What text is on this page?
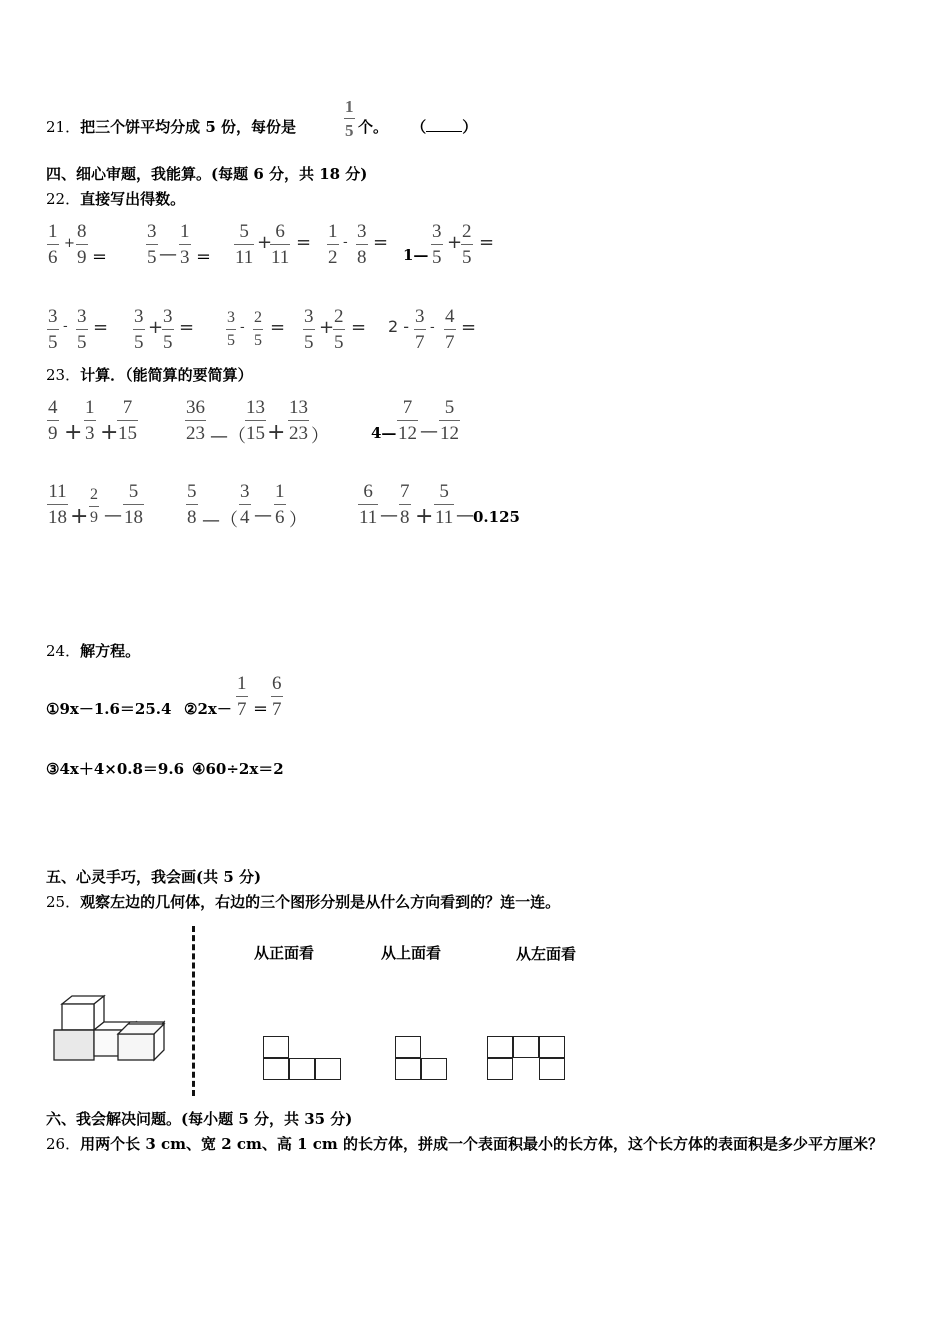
21．把三个饼平均分成 5 份，每份是	$\frac{1}{5}$ 个。 （ ）
四、细心审题，我能算。(每题 6 分，共 18 分)
22．直接写出得数。
$\frac{1}{6} + \frac{8}{9} = \frac{3}{5}$ — $\frac{1}{3} = \frac{5}{11}$ +
$\frac{6}{11} = \frac{1}{2} - \frac{3}{8}$ =
1— $\frac{3}{5}$ +
$\frac{2}{5}$ =
$\frac{3}{5} - \frac{3}{5} = \frac{3}{5}$ +
$\frac{3}{5} = \frac{3}{5} - \frac{2}{5} = \frac{3}{5}$ +
$\frac{2}{5} = 2 - \frac{3}{7} - \frac{4}{7}$ =
23．计算．（能简算的要简算）
$\frac{4}{9} + \frac{1}{3}$ +
$\frac{7}{15} \frac{36}{23}$ —（ $\frac{13}{15} + \frac{13}{23}$ ）	4— $\frac{7}{12}$ — $\frac{5}{12}$
$\frac{11}{18} + \frac{2}{9}$ — $\frac{5}{18} \frac{5}{8}$ —（ $\frac{3}{4}$ — $\frac{1}{6}$ ）	$\frac{6}{11}$ — $\frac{7}{8} + \frac{5}{11}$ — 0.125
24．解方程。
①9x－1.6＝25.4 ②2x－ $\frac{1}{7} = \frac{6}{7}$
③4x＋4×0.8＝9.6 ④60÷2x＝2
五、心灵手巧，我会画(共 5 分)
25．观察左边的几何体，右边的三个图形分别是从什么方向看到的？连一连。
从正面看	从上面看	从左面看
六、我会解决问题。(每小题 5 分，共 35 分)
26．用两个长 3 cm、宽 2 cm、高 1 cm 的长方体，拼成一个表面积最小的长方体，这个长方体的表面积是多少平方厘米？
